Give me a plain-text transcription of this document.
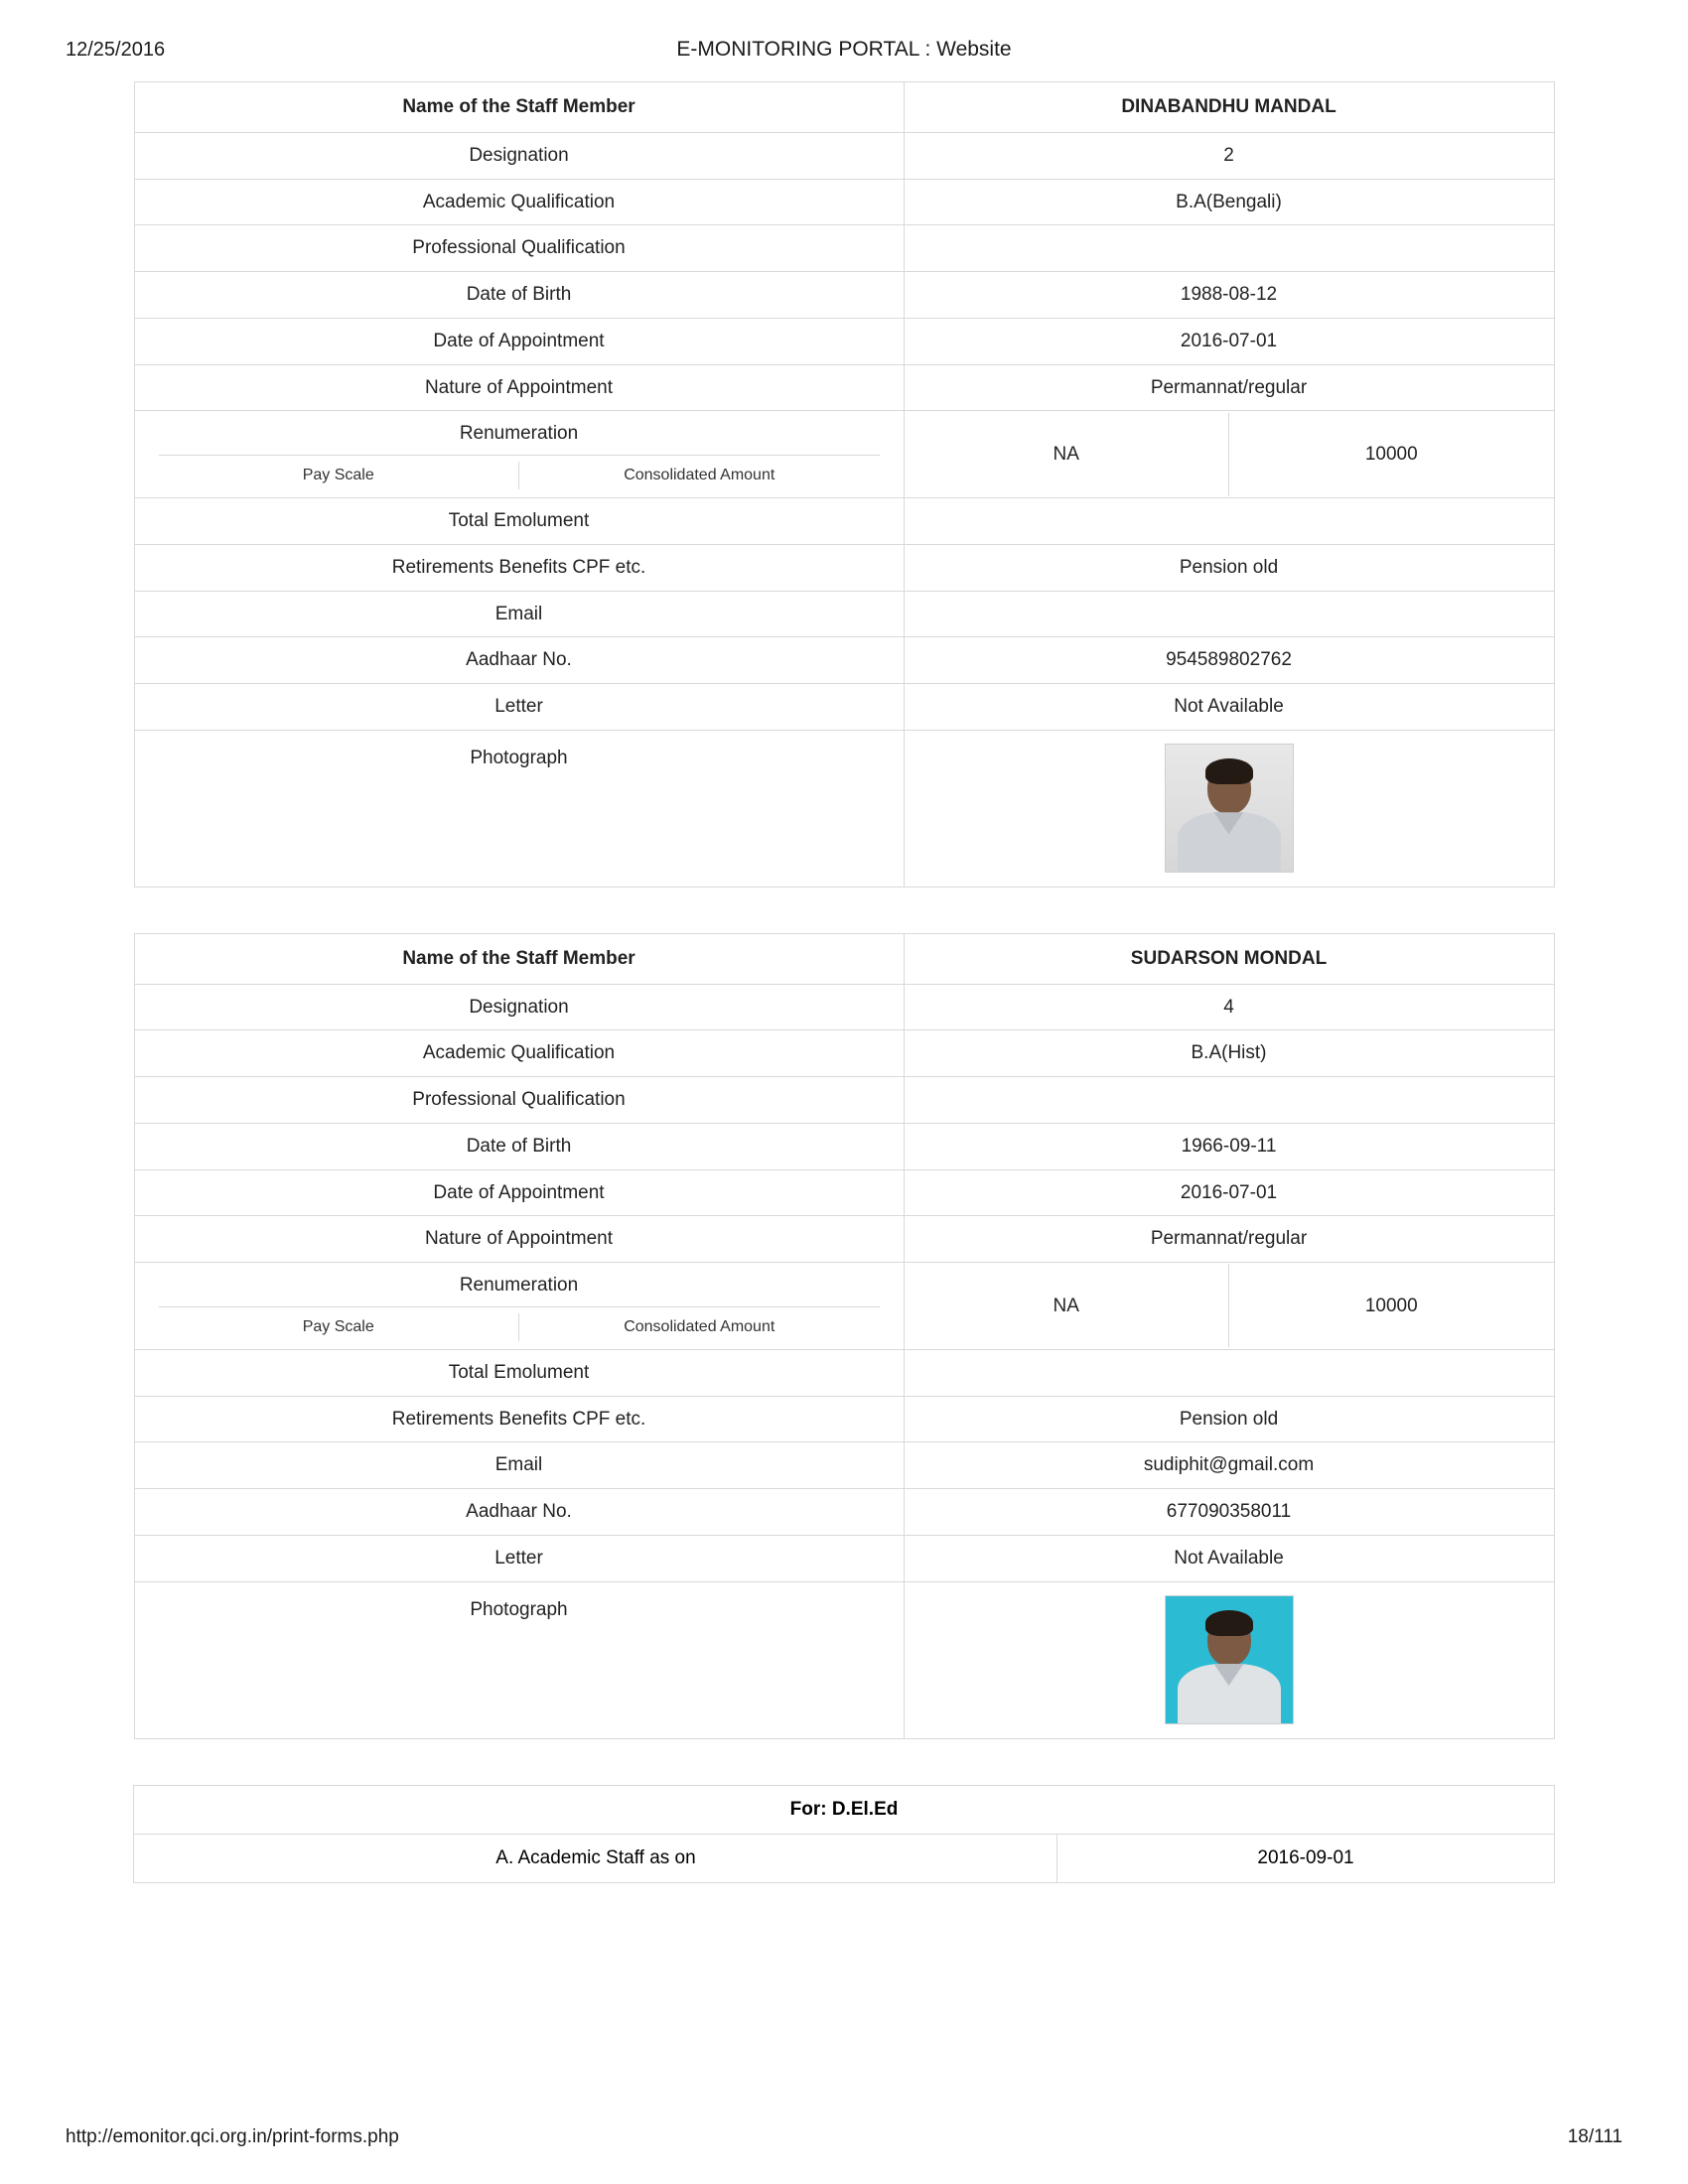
12/25/2016	E-MONITORING PORTAL : Website
Name of the Staff Member	DINABANDHU MANDAL
Designation	2
Academic Qualification	B.A(Bengali)
Professional Qualification	
Date of Birth	1988-08-12
Date of Appointment	2016-07-01
Nature of Appointment	Permannat/regular

Renumeration
Pay Scale	Consolidated Amount

NA	10000

Total Emolument	
Retirements Benefits CPF etc.	Pension old
Email	
Aadhaar No.	954589802762
Letter	Not Available
Photograph	
Name of the Staff Member	SUDARSON MONDAL
Designation	4
Academic Qualification	B.A(Hist)
Professional Qualification	
Date of Birth	1966-09-11
Date of Appointment	2016-07-01
Nature of Appointment	Permannat/regular

Renumeration
Pay Scale	Consolidated Amount

NA	10000

Total Emolument	
Retirements Benefits CPF etc.	Pension old
Email	sudiphit@gmail.com
Aadhaar No.	677090358011
Letter	Not Available
Photograph	
For: D.El.Ed
A. Academic Staff as on	2016-09-01
http://emonitor.qci.org.in/print-forms.php	18/111
